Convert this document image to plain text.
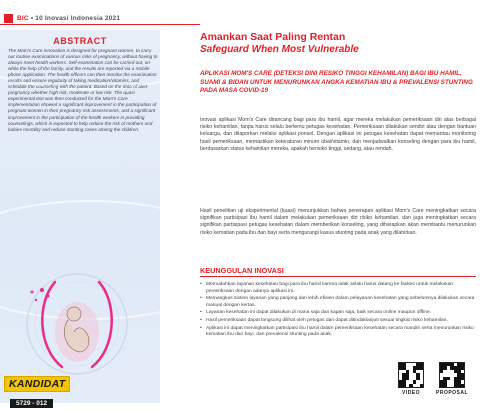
BIC • 10 Inovasi Indonesia 2021
ABSTRACT

The Mom's Care innovation is designed for pregnant women, to carry out routine examinations of various risks of pregnancy, without having to always meet health workers. Self-examination can be carried out, on while the help of the family, and the results are reported via a mobile phone application. The health officers can then monitor the examination results and ensure regularity of taking medication/vitamins, and schedule the counseling with the patient. Based on the data of alert pregnancy whether high risk, moderate or low risk. The quasi experimental test was then conducted for the Mom's Care implementation showed a significant improvement in the participation of pregnant women in their pregnancy risk assessments, and a significant improvement in the participation of the health workers in providing counselings, which is expected to help reduce the risk of mothers and babies mortality and reduce stunting cases among the children.

KANDIDAT
5729 - 012
Amankan Saat Paling Rentan
Safeguard When Most Vulnerable
APLIKASI MOM'S CARE (DETEKSI DINI RESIKO TINGGI KEHAMILAN) BAGI IBU HAMIL, SUAMI & BIDAN UNTUK MENURUNKAN ANGKA KEMATIAN IBU & PREVALENSI STUNTING PADA MASA COVID-19

Inovasi aplikasi Mom's Care dirancang bagi para ibu hamil, agar mereka melakukan pemeriksaan diri atas berbagai risiko kehamilan, tanpa harus selalu bertemu petugas kesehatan. Pemeriksaan dilakukan sendiri atau dengan bantuan keluarga, dan dilaporkan melalui aplikasi ponsel. Dengan aplikasi ini petugas kesehatan dapat memantau monitoring hasil pemeriksaan, memastikan keteraturan minum obat/vitamin, dan menjadwalkan konseling dengan para ibu hamil, berdasarkan status kehamilan mereka, apakah berisiko tinggi, sedang, atau rendah.

Hasil penelitian uji eksperimental (kuasi) menunjukkan bahwa penerapan aplikasi Mom's Care meningkatkan secara signifikan partisipasi ibu hamil dalam melakukan pemeriksaan diri risiko kehamilan, dan juga meningkatkan secara signifikan partisipasi petugas kesehatan dalam memberikan konseling, yang diharapkan akan membantu menurunkan risiko kematian pada ibu dan bayi serta mengurangi kasus stunting pada anak yang dilahirkan.

KEUNGGULAN INOVASI
• Memudahkan layanan kesehatan bagi para ibu hamil karena tidak selalu harus datang ke faskes untuk melakukan pemeriksaan dengan adanya aplikasi ini.
• Memangkas sistem layanan yang panjang dan lebih efisien dalam pelayanan kesehatan yang sebelumnya dilakukan secara manual dengan kertas.
• Layanan kesehatan ini dapat dilakukan di mana saja dan kapan saja, baik secara online maupun offline.
• Hasil pemeriksaan dapat langsung dilihat oleh petugas dan dapat ditindaklanjuti sesuai tingkat risiko kehamilan.
• Aplikasi ini dapat meningkatkan partisipasi ibu hamil dalam pemeriksaan kesehatan secara mandiri serta menurunkan risiko kematian ibu dan bayi, dan prevalensi stunting pada anak.
VIDEO	PROPOSAL
